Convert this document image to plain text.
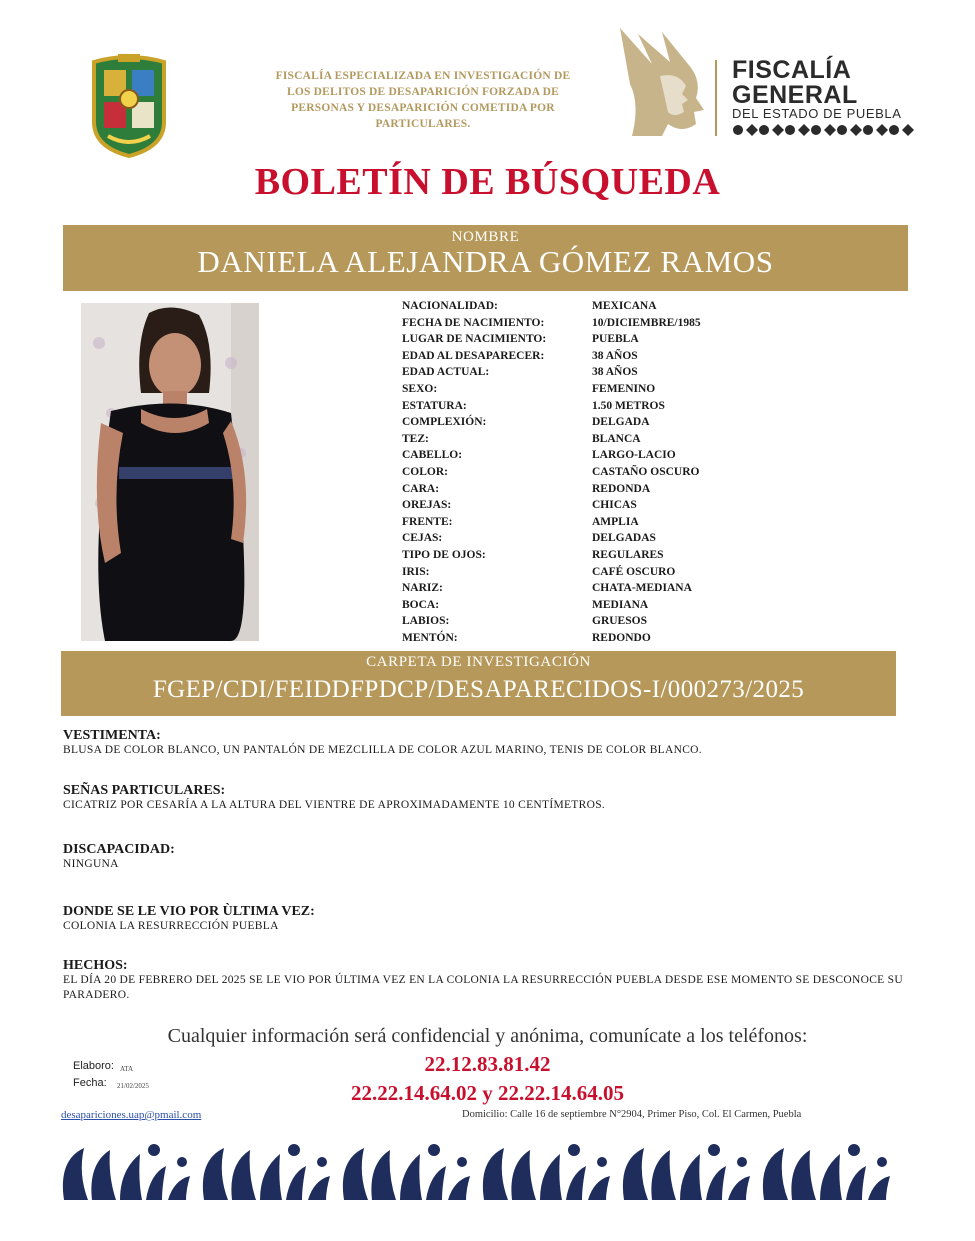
FISCALÍA ESPECIALIZADA EN INVESTIGACIÓN DE
LOS DELITOS DE DESAPARICIÓN FORZADA DE
PERSONAS Y DESAPARICIÓN COMETIDA POR
PARTICULARES.
FISCALÍA
GENERAL
DEL ESTADO DE PUEBLA
BOLETÍN DE BÚSQUEDA
NOMBRE
DANIELA ALEJANDRA GÓMEZ RAMOS
NACIONALIDAD:	MEXICANA
FECHA DE NACIMIENTO:	10/DICIEMBRE/1985
LUGAR DE NACIMIENTO:	PUEBLA
EDAD AL DESAPARECER:	38 AÑOS
EDAD ACTUAL:	38 AÑOS
SEXO:	FEMENINO
ESTATURA:	1.50 METROS
COMPLEXIÓN:	DELGADA
TEZ:	BLANCA
CABELLO:	LARGO-LACIO
COLOR:	CASTAÑO OSCURO
CARA:	REDONDA
OREJAS:	CHICAS
FRENTE:	AMPLIA
CEJAS:	DELGADAS
TIPO DE OJOS:	REGULARES
IRIS:	CAFÉ OSCURO
NARIZ:	CHATA-MEDIANA
BOCA:	MEDIANA
LABIOS:	GRUESOS
MENTÓN:	REDONDO
CARPETA DE INVESTIGACIÓN
FGEP/CDI/FEIDDFPDCP/DESAPARECIDOS-I/000273/2025
VESTIMENTA:
BLUSA DE COLOR BLANCO, UN PANTALÓN DE MEZCLILLA DE COLOR AZUL MARINO, TENIS DE COLOR BLANCO.
SEÑAS PARTICULARES:
CICATRIZ POR CESARÍA A LA ALTURA DEL VIENTRE DE APROXIMADAMENTE 10 CENTÍMETROS.
DISCAPACIDAD:
NINGUNA
DONDE SE LE VIO POR ÙLTIMA VEZ:
COLONIA LA RESURRECCIÓN PUEBLA
HECHOS:
EL DÍA 20 DE FEBRERO DEL 2025 SE LE VIO POR ÚLTIMA VEZ EN LA COLONIA LA RESURRECCIÓN PUEBLA DESDE ESE MOMENTO SE DESCONOCE SU PARADERO.
Cualquier información será confidencial y anónima, comunícate a los teléfonos:
22.12.83.81.42
22.22.14.64.02 y 22.22.14.64.05
Elaboro: ATA
Fecha: 21/02/2025
desapariciones.uap@pmail.com	Domicilio: Calle 16 de septiembre N°2904, Primer Piso, Col. El Carmen, Puebla
